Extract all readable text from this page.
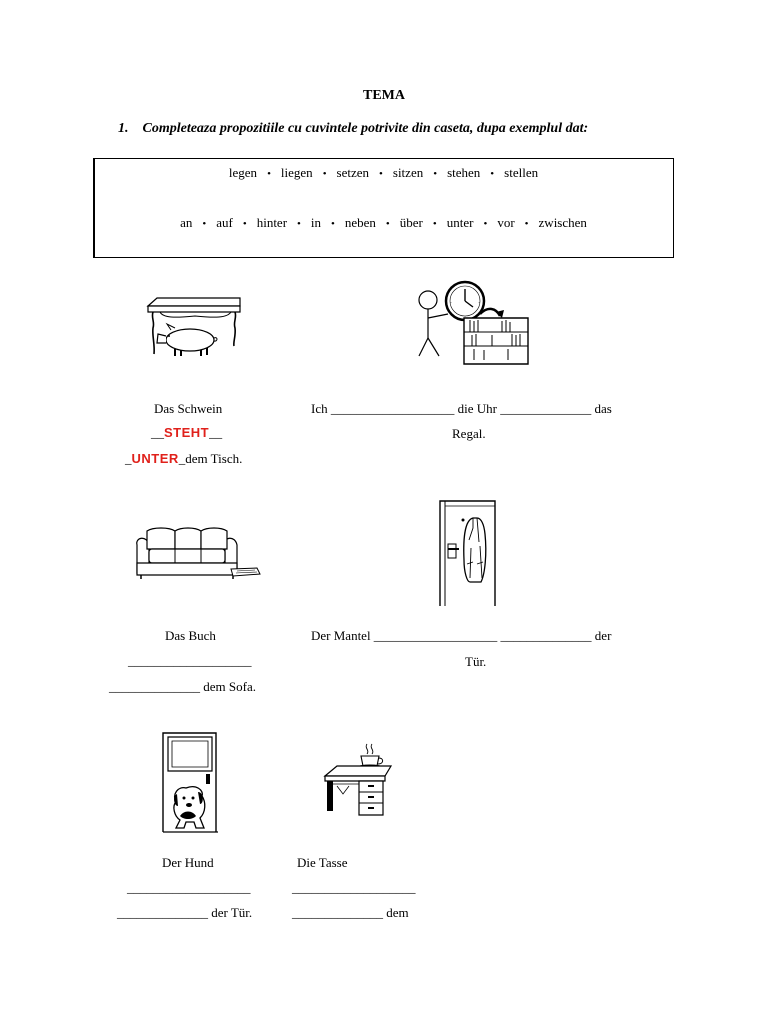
TEMA
1. Completeaza propozitiile cu cuvintele potrivite din caseta, dupa exemplul dat:
legen • liegen • setzen • sitzen • stehen • stellen
an • auf • hinter • in • neben • über • unter • vor • zwischen
.
.
.
.
Das Schwein
__STEHT__
_UNTER_dem Tisch.
Ich ___________________ die Uhr ______________ das
Regal.
Das Buch
___________________
______________ dem Sofa.
Der Mantel ___________________ ______________ der
Tür.
Der Hund
___________________
______________ der Tür.
Die Tasse
___________________
______________ dem
